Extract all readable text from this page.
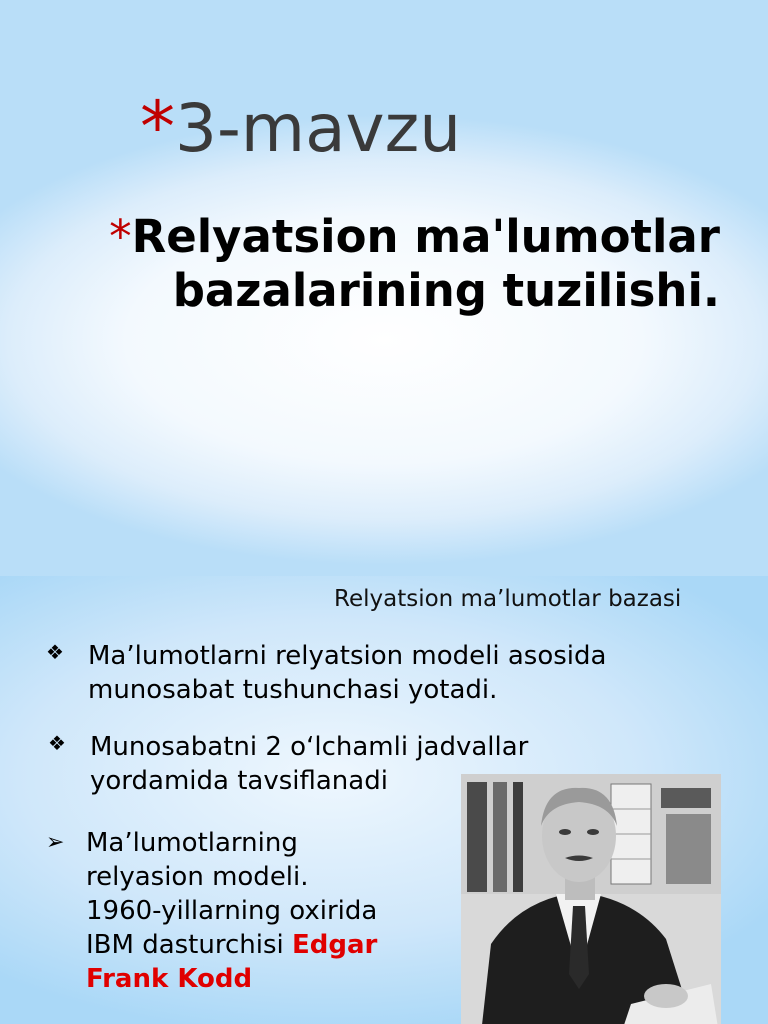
*3-mavzu
*Relyatsion ma'lumotlar bazalarining tuzilishi.
Relyatsion ma’lumotlar bazasi
❖ Ma’lumotlarni relyatsion modeli asosida munosabat tushunchasi yotadi.

❖ Munosabatni 2 o‘lchamli jadvallar yordamida tavsiflanadi

➢ Ma’lumotlarning relyasion modeli. 1960-yillarning oxirida IBM dasturchisi Edgar Frank Kodd
